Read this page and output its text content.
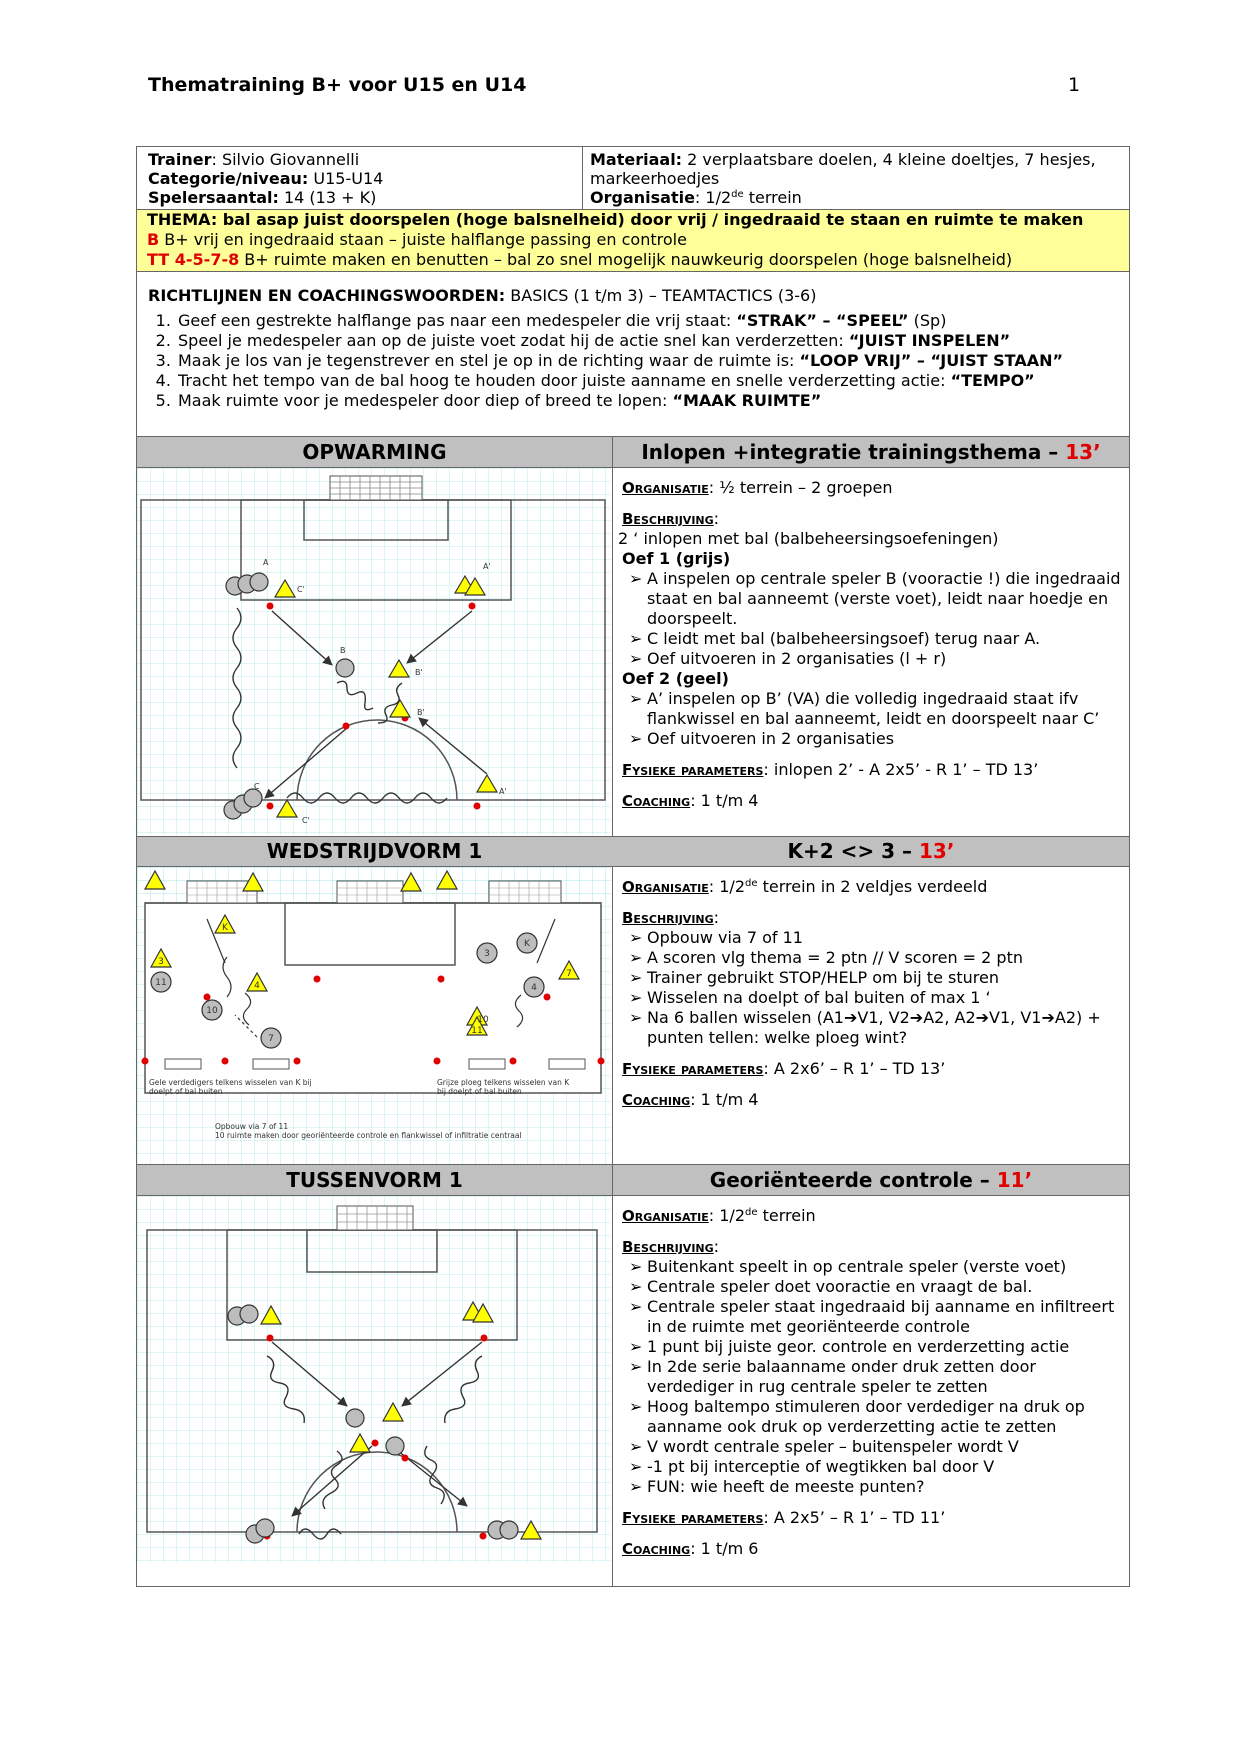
Thematraining B+ voor U15 en U14	1
Trainer: Silvio Giovannelli
Categorie/niveau: U15-U14
Spelersaantal: 14 (13 + K)
Materiaal: 2 verplaatsbare doelen, 4 kleine doeltjes, 7 hesjes,
markeerhoedjes
Organisatie: 1/2de terrein
THEMA: bal asap juist doorspelen (hoge balsnelheid) door vrij / ingedraaid te staan en ruimte te maken
B B+ vrij en ingedraaid staan – juiste halflange passing en controle
TT 4-5-7-8 B+ ruimte maken en benutten – bal zo snel mogelijk nauwkeurig doorspelen (hoge balsnelheid)

RICHTLIJNEN EN COACHINGSWOORDEN: BASICS (1 t/m 3) – TEAMTACTICS (3-6)

1. Geef een gestrekte halflange pas naar een medespeler die vrij staat: “STRAK” – “SPEEL” (Sp)
2. Speel je medespeler aan op de juiste voet zodat hij de actie snel kan verderzetten: “JUIST INSPELEN”
3. Maak je los van je tegenstrever en stel je op in de richting waar de ruimte is: “LOOP VRIJ” – “JUIST STAAN”
4. Tracht het tempo van de bal hoog te houden door juiste aanname en snelle verderzetting actie: “TEMPO”
5. Maak ruimte voor je medespeler door diep of breed te lopen: “MAAK RUIMTE”
OPWARMING	Inlopen +integratie trainingsthema – 13’
A	A'
C'
B
B'
B'
C
A'
C'
Organisatie: ½ terrein – 2 groepen
Beschrijving:
2 ‘ inlopen met bal (balbeheersingsoefeningen)
Oef 1 (grijs)
➢ A inspelen op centrale speler B (vooractie !) die ingedraaid staat en bal aanneemt (verste voet), leidt naar hoedje en doorspeelt.
➢ C leidt met bal (balbeheersingsoef) terug naar A.
➢ Oef uitvoeren in 2 organisaties (l + r)
Oef 2 (geel)
➢ A’ inspelen op B’ (VA) die volledig ingedraaid staat ifv flankwissel en bal aanneemt, leidt en doorspeelt naar C’
➢ Oef uitvoeren in 2 organisaties
Fysieke parameters: inlopen 2’ - A 2x5’ - R 1’ – TD 13’
Coaching: 1 t/m 4
WEDSTRIJDVORM 1	K+2 <> 3 – 13’
11
10
7
3
K
4
3
K
4
11
7
10
Gele verdedigers telkens wisselen van K bij
doelpt of bal buiten
Grijze ploeg telkens wisselen van K
bij doelpt of bal buiten
Opbouw via 7 of 11
10 ruimte maken door georiënteerde controle en flankwissel of infiltratie centraal
Organisatie: 1/2de terrein in 2 veldjes verdeeld
Beschrijving:
➢ Opbouw via 7 of 11
➢ A scoren vlg thema = 2 ptn // V scoren = 2 ptn
➢ Trainer gebruikt STOP/HELP om bij te sturen
➢ Wisselen na doelpt of bal buiten of max 1 ‘
➢ Na 6 ballen wisselen (A1➔V1, V2➔A2, A2➔V1, V1➔A2) + punten tellen: welke ploeg wint?
Fysieke parameters: A 2x6’ – R 1’ – TD 13’
Coaching: 1 t/m 4
TUSSENVORM 1	Georiënteerde controle – 11’
Organisatie: 1/2de terrein
Beschrijving:
➢ Buitenkant speelt in op centrale speler (verste voet)
➢ Centrale speler doet vooractie en vraagt de bal.
➢ Centrale speler staat ingedraaid bij aanname en infiltreert in de ruimte met georiënteerde controle
➢ 1 punt bij juiste geor. controle en verderzetting actie
➢ In 2de serie balaanname onder druk zetten door verdediger in rug centrale speler te zetten
➢ Hoog baltempo stimuleren door verdediger na druk op aanname ook druk op verderzetting actie te zetten
➢ V wordt centrale speler – buitenspeler wordt V
➢ -1 pt bij interceptie of wegtikken bal door V
➢ FUN: wie heeft de meeste punten?
Fysieke parameters: A 2x5’ – R 1’ – TD 11’
Coaching: 1 t/m 6
